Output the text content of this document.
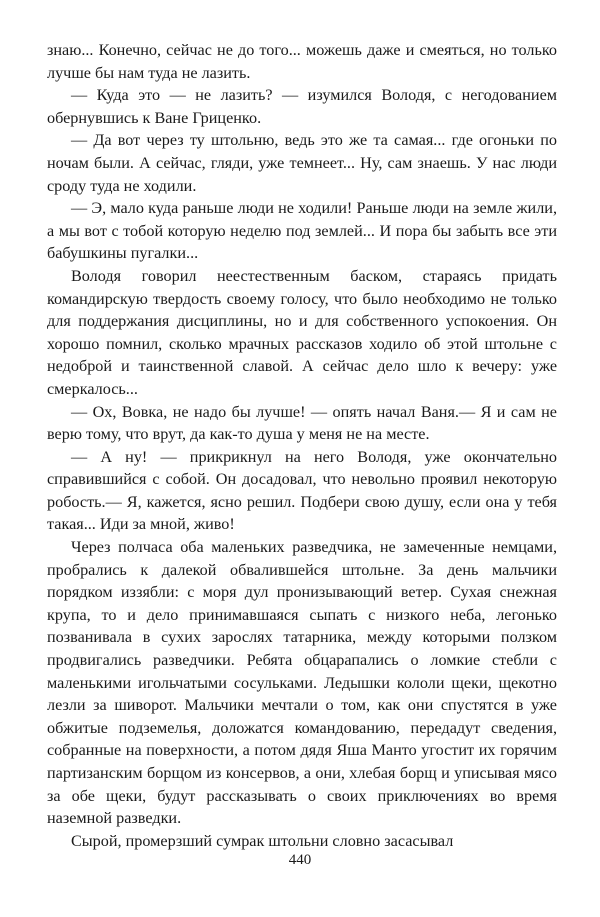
знаю... Конечно, сейчас не до того... можешь даже и смеяться, но только лучше бы нам туда не лазить.

— Куда это — не лазить? — изумился Володя, с негодованием обернувшись к Ване Гриценко.

— Да вот через ту штольню, ведь это же та самая... где огоньки по ночам были. А сейчас, гляди, уже темнеет... Ну, сам знаешь. У нас люди сроду туда не ходили.

— Э, мало куда раньше люди не ходили! Раньше люди на земле жили, а мы вот с тобой которую неделю под землей... И пора бы забыть все эти бабушкины пугалки...

Володя говорил неестественным баском, стараясь придать командирскую твердость своему голосу, что было необходимо не только для поддержания дисциплины, но и для собственного успокоения. Он хорошо помнил, сколько мрачных рассказов ходило об этой штольне с недоброй и таинственной славой. А сейчас дело шло к вечеру: уже смеркалось...

— Ох, Вовка, не надо бы лучше! — опять начал Ваня.— Я и сам не верю тому, что врут, да как-то душа у меня не на месте.

— А ну! — прикрикнул на него Володя, уже окончательно справившийся с собой. Он досадовал, что невольно проявил некоторую робость.— Я, кажется, ясно решил. Подбери свою душу, если она у тебя такая... Иди за мной, живо!

Через полчаса оба маленьких разведчика, не замеченные немцами, пробрались к далекой обвалившейся штольне. За день мальчики порядком иззябли: с моря дул пронизывающий ветер. Сухая снежная крупа, то и дело принимавшаяся сыпать с низкого неба, легонько позванивала в сухих зарослях татарника, между которыми ползком продвигались разведчики. Ребята обцарапались о ломкие стебли с маленькими игольчатыми сосульками. Ледышки кололи щеки, щекотно лезли за шиворот. Мальчики мечтали о том, как они спустятся в уже обжитые подземелья, доложатся командованию, передадут сведения, собранные на поверхности, а потом дядя Яша Манто угостит их горячим партизанским борщом из консервов, а они, хлебая борщ и уписывая мясо за обе щеки, будут рассказывать о своих приключениях во время наземной разведки.

Сырой, промерзший сумрак штольни словно засасывал

440
